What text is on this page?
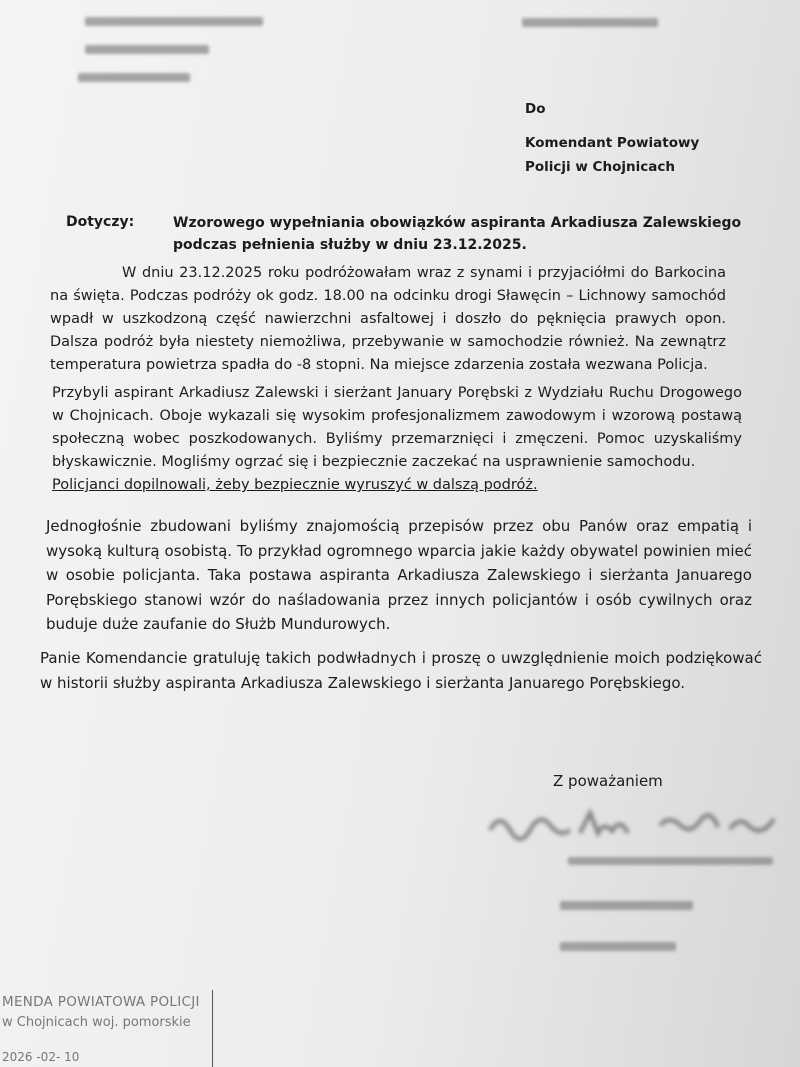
Do
Komendant Powiatowy
Policji w Chojnicach
Dotyczy:	Wzorowego wypełniania obowiązków aspiranta Arkadiusza Zalewskiego
podczas pełnienia służby w dniu 23.12.2025.

W dniu 23.12.2025 roku podróżowałam wraz z synami i przyjaciółmi do Barkocina na święta. Podczas podróży ok godz. 18.00 na odcinku drogi Sławęcin – Lichnowy samochód wpadł w uszkodzoną część nawierzchni asfaltowej i doszło do pęknięcia prawych opon. Dalsza podróż była niestety niemożliwa, przebywanie w samochodzie również. Na zewnątrz temperatura powietrza spadła do -8 stopni. Na miejsce zdarzenia została wezwana Policja.

Przybyli aspirant Arkadiusz Zalewski i sierżant January Porębski z Wydziału Ruchu Drogowego w Chojnicach. Oboje wykazali się wysokim profesjonalizmem zawodowym i wzorową postawą społeczną wobec poszkodowanych. Byliśmy przemarznięci i zmęczeni. Pomoc uzyskaliśmy błyskawicznie. Mogliśmy ogrzać się i bezpiecznie zaczekać na usprawnienie samochodu.

Policjanci dopilnowali, żeby bezpiecznie wyruszyć w dalszą podróż.

Jednogłośnie zbudowani byliśmy znajomością przepisów przez obu Panów oraz empatią i wysoką kulturą osobistą. To przykład ogromnego wparcia jakie każdy obywatel powinien mieć w osobie policjanta. Taka postawa aspiranta Arkadiusza Zalewskiego i sierżanta Januarego Porębskiego stanowi wzór do naśladowania przez innych policjantów i osób cywilnych oraz buduje duże zaufanie do Służb Mundurowych.

Panie Komendancie gratuluję takich podwładnych i proszę o uwzględnienie moich podziękować w historii służby aspiranta Arkadiusza Zalewskiego i sierżanta Januarego Porębskiego.

Z poważaniem
MENDA POWIATOWA POLICJI
w Chojnicach woj. pomorskie
2026 -02- 10
